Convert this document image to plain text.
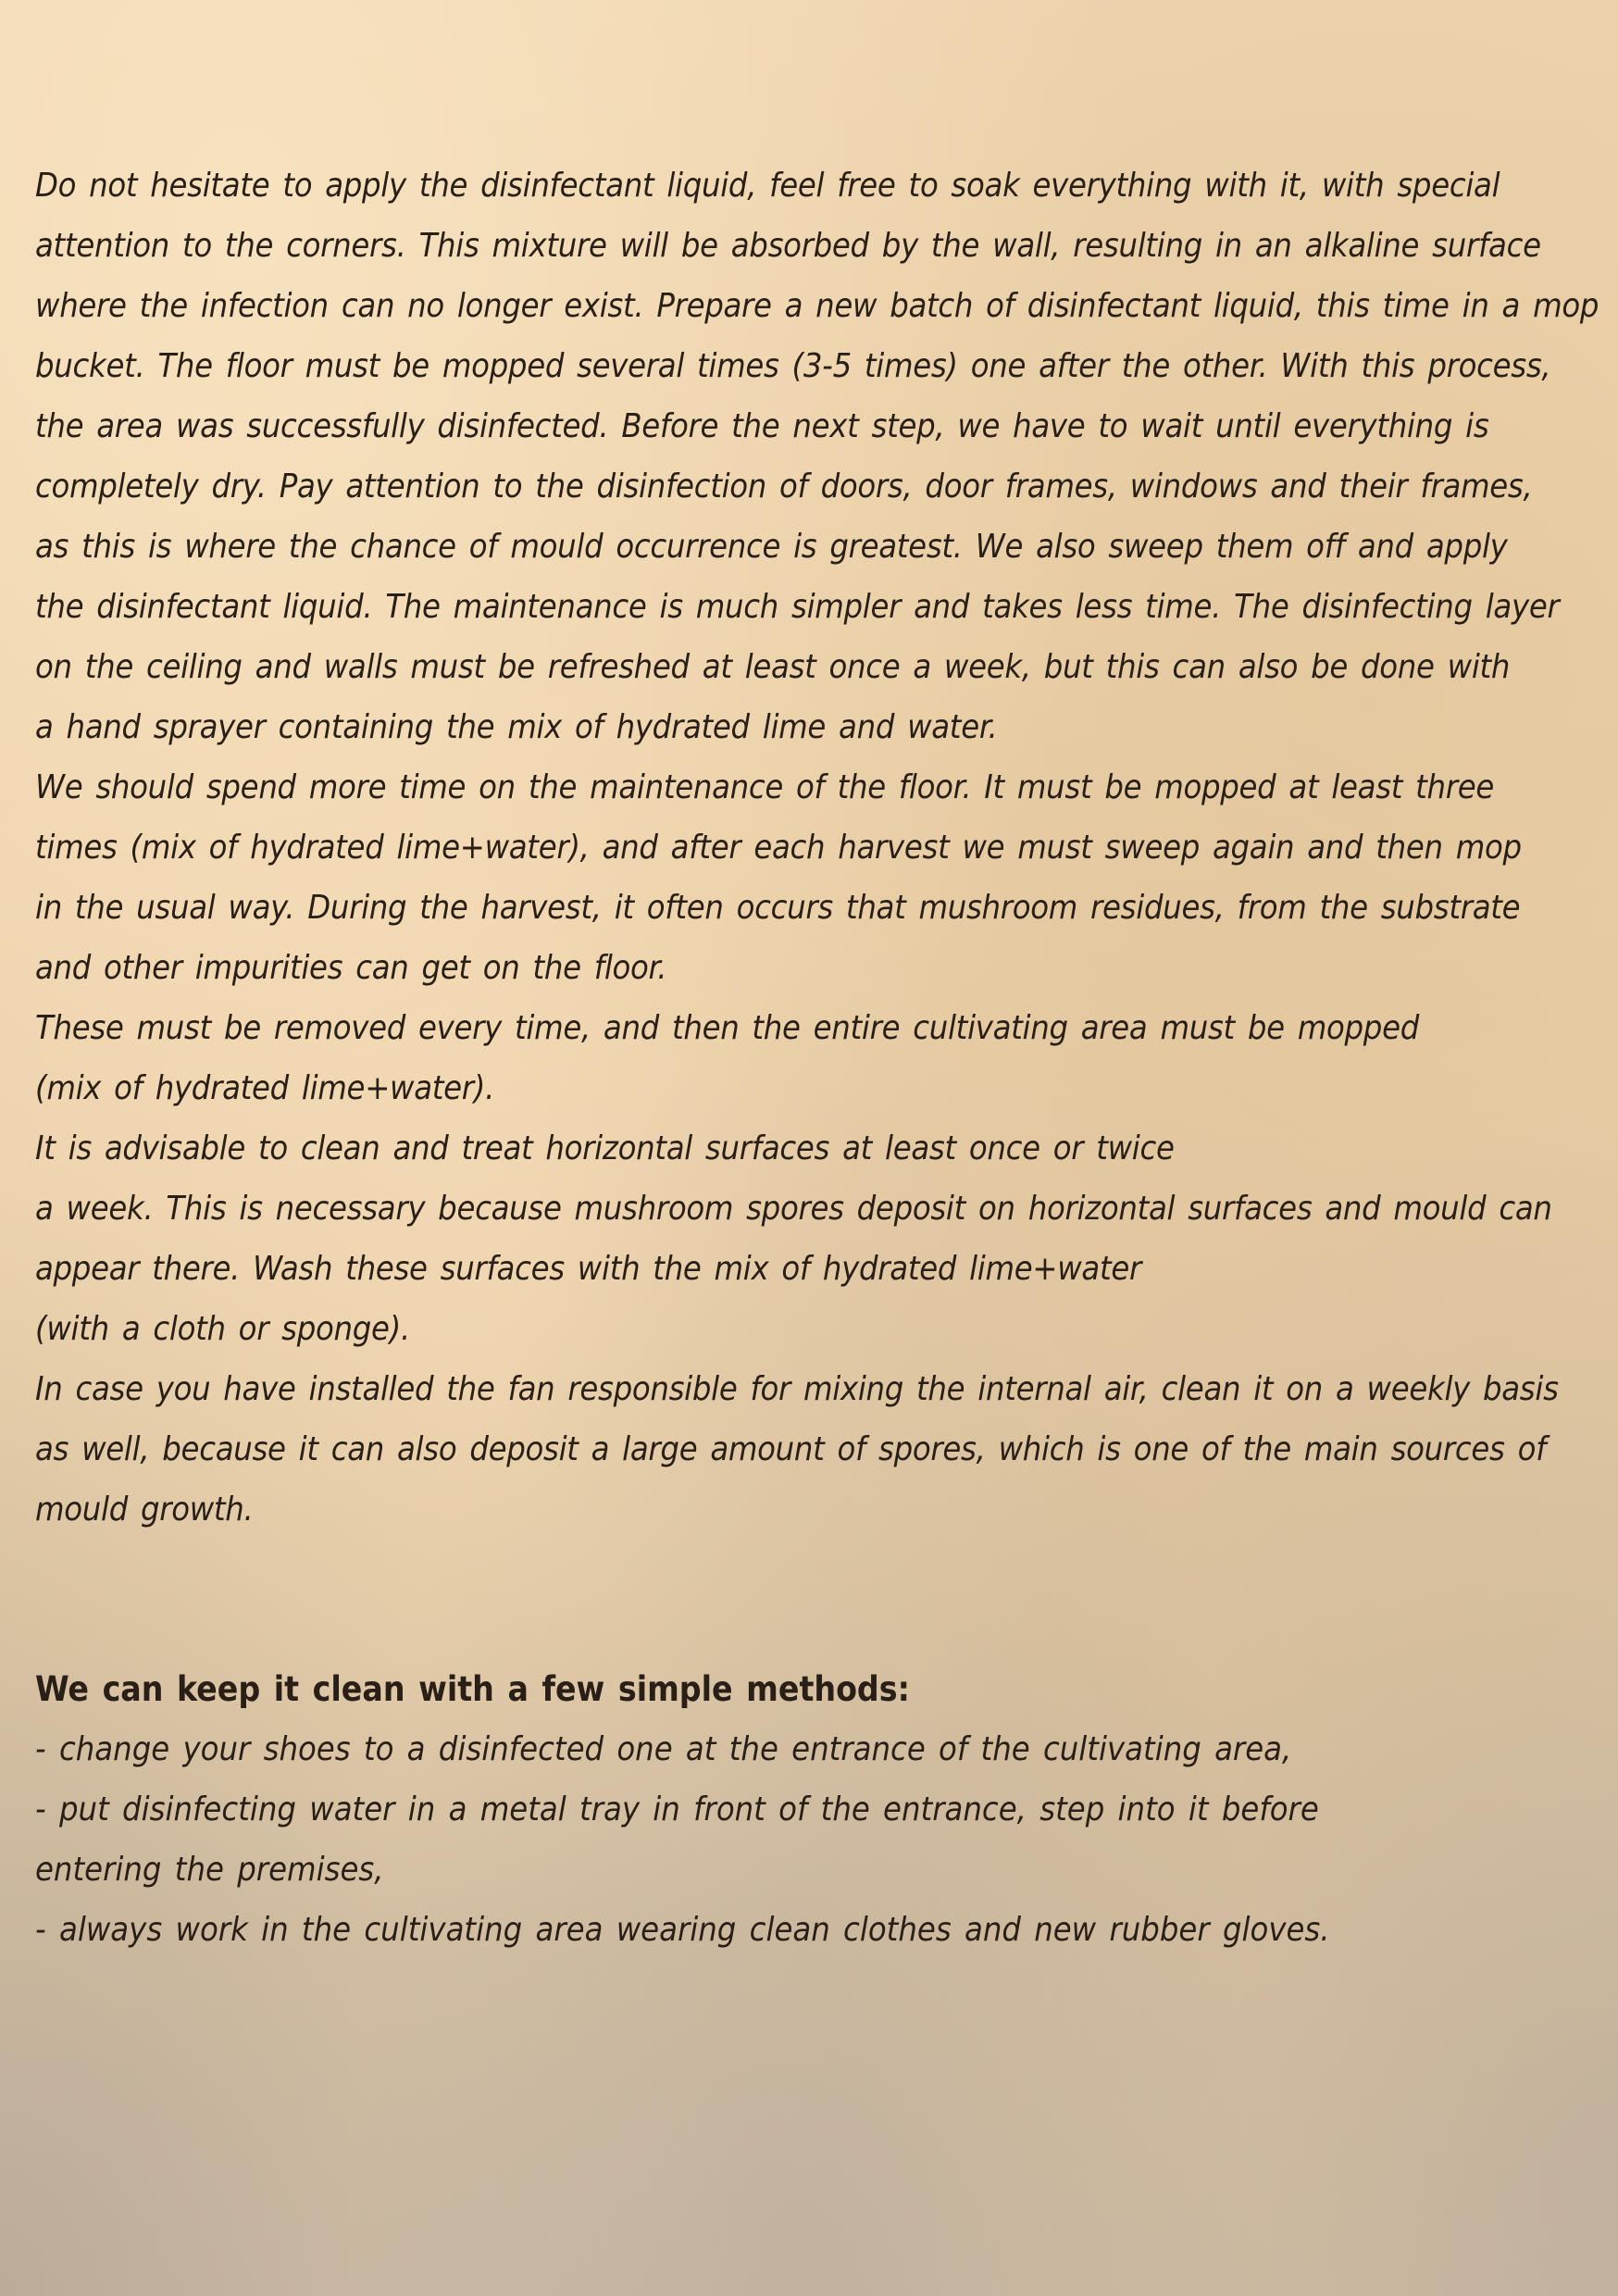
Do not hesitate to apply the disinfectant liquid, feel free to soak everything with it, with special
attention to the corners. This mixture will be absorbed by the wall, resulting in an alkaline surface
where the infection can no longer exist. Prepare a new batch of disinfectant liquid, this time in a mop
bucket. The floor must be mopped several times (3-5 times) one after the other. With this process,
the area was successfully disinfected. Before the next step, we have to wait until everything is
completely dry. Pay attention to the disinfection of doors, door frames, windows and their frames,
as this is where the chance of mould occurrence is greatest. We also sweep them off and apply
the disinfectant liquid. The maintenance is much simpler and takes less time. The disinfecting layer
on the ceiling and walls must be refreshed at least once a week, but this can also be done with
a hand sprayer containing the mix of hydrated lime and water.

We should spend more time on the maintenance of the floor. It must be mopped at least three
times (mix of hydrated lime+water), and after each harvest we must sweep again and then mop
in the usual way. During the harvest, it often occurs that mushroom residues, from the substrate
and other impurities can get on the floor.

These must be removed every time, and then the entire cultivating area must be mopped
(mix of hydrated lime+water).

It is advisable to clean and treat horizontal surfaces at least once or twice
a week. This is necessary because mushroom spores deposit on horizontal surfaces and mould can
appear there. Wash these surfaces with the mix of hydrated lime+water
(with a cloth or sponge).

In case you have installed the fan responsible for mixing the internal air, clean it on a weekly basis
as well, because it can also deposit a large amount of spores, which is one of the main sources of
mould growth.

We can keep it clean with a few simple methods:
- change your shoes to a disinfected one at the entrance of the cultivating area,
- put disinfecting water in a metal tray in front of the entrance, step into it before
entering the premises,
- always work in the cultivating area wearing clean clothes and new rubber gloves.
